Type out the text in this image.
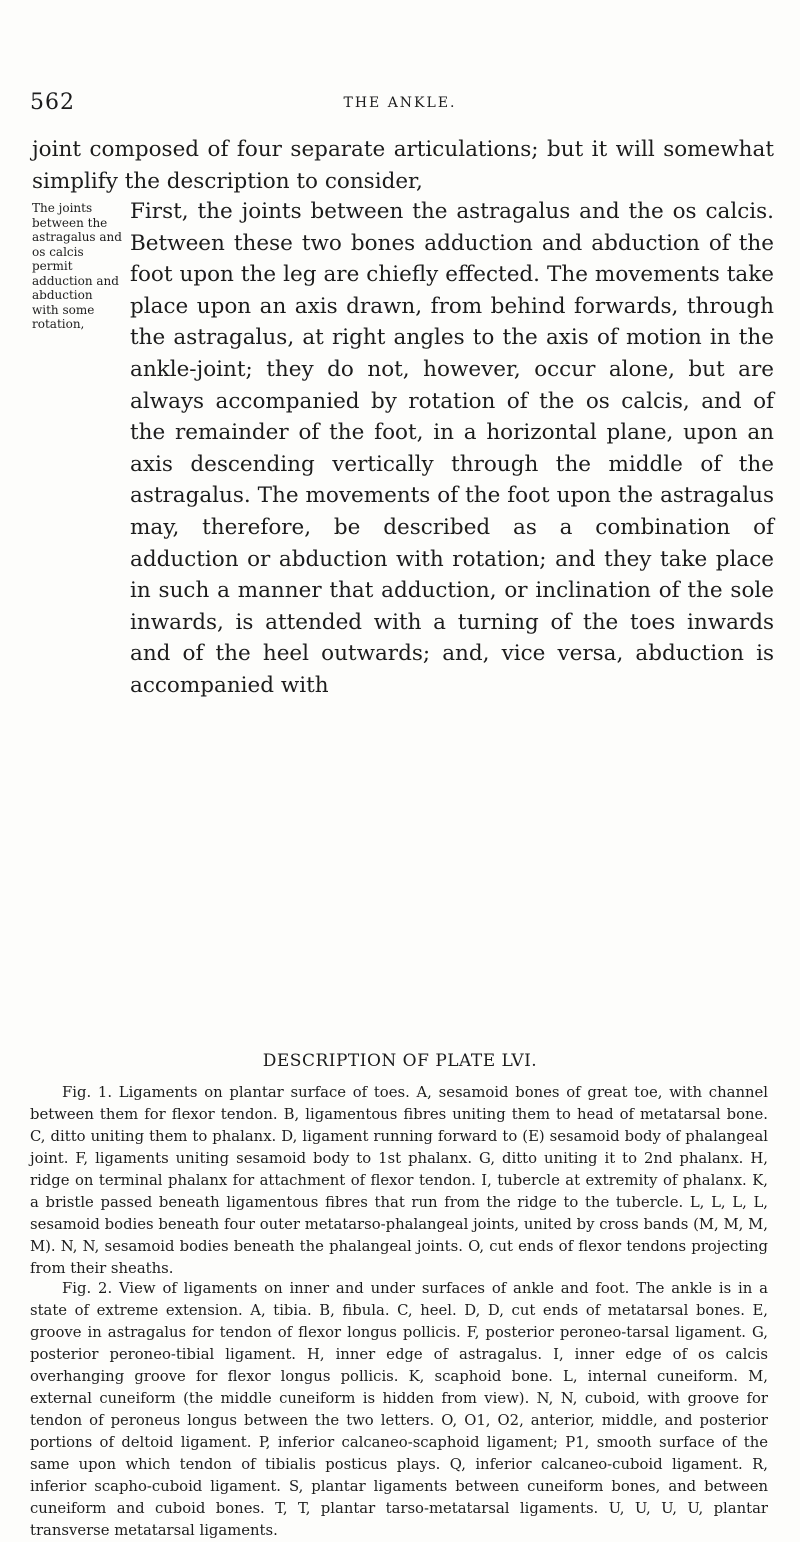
562	THE ANKLE.

joint composed of four separate articulations; but it will somewhat simplify the description to consider,

The joints between the astragalus and os calcis permit adduction and abduction with some rotation,

First, the joints between the astragalus and the os calcis. Between these two bones adduction and abduction of the foot upon the leg are chiefly effected. The movements take place upon an axis drawn, from behind forwards, through the astragalus, at right angles to the axis of motion in the ankle-joint; they do not, however, occur alone, but are always accompanied by rotation of the os calcis, and of the remainder of the foot, in a horizontal plane, upon an axis descending vertically through the middle of the astragalus. The movements of the foot upon the astragalus may, therefore, be described as a combination of adduction or abduction with rotation; and they take place in such a manner that adduction, or inclination of the sole inwards, is attended with a turning of the toes inwards and of the heel outwards; and, vice versa, abduction is accompanied with

DESCRIPTION OF PLATE LVI.

Fig. 1. Ligaments on plantar surface of toes. A, sesamoid bones of great toe, with channel between them for flexor tendon. B, ligamentous fibres uniting them to head of metatarsal bone. C, ditto uniting them to phalanx. D, ligament running forward to (E) sesamoid body of phalangeal joint. F, ligaments uniting sesamoid body to 1st phalanx. G, ditto uniting it to 2nd phalanx. H, ridge on terminal phalanx for attachment of flexor tendon. I, tubercle at extremity of phalanx. K, a bristle passed beneath ligamentous fibres that run from the ridge to the tubercle. L, L, L, L, sesamoid bodies beneath four outer metatarso-phalangeal joints, united by cross bands (M, M, M, M). N, N, sesamoid bodies beneath the phalangeal joints. O, cut ends of flexor tendons projecting from their sheaths.

Fig. 2. View of ligaments on inner and under surfaces of ankle and foot. The ankle is in a state of extreme extension. A, tibia. B, fibula. C, heel. D, D, cut ends of metatarsal bones. E, groove in astragalus for tendon of flexor longus pollicis. F, posterior peroneo-tarsal ligament. G, posterior peroneo-tibial ligament. H, inner edge of astragalus. I, inner edge of os calcis overhanging groove for flexor longus pollicis. K, scaphoid bone. L, internal cuneiform. M, external cuneiform (the middle cuneiform is hidden from view). N, N, cuboid, with groove for tendon of peroneus longus between the two letters. O, O1, O2, anterior, middle, and posterior portions of deltoid ligament. P, inferior calcaneo-scaphoid ligament; P1, smooth surface of the same upon which tendon of tibialis posticus plays. Q, inferior calcaneo-cuboid ligament. R, inferior scapho-cuboid ligament. S, plantar ligaments between cuneiform bones, and between cuneiform and cuboid bones. T, T, plantar tarso-metatarsal ligaments. U, U, U, U, plantar transverse metatarsal ligaments.
